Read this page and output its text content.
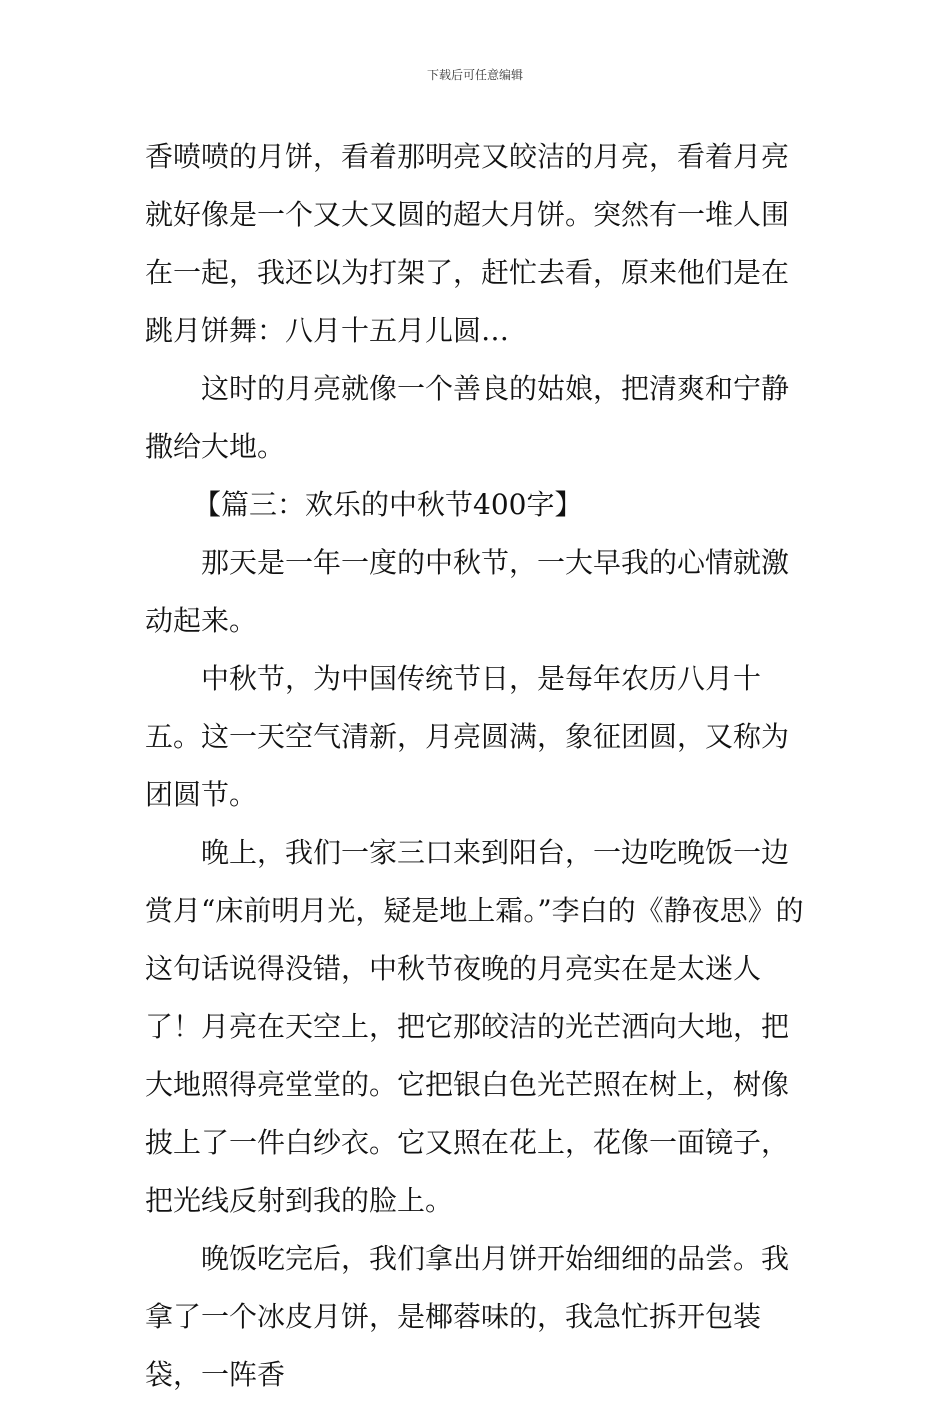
下载后可任意编辑

香喷喷的月饼，看着那明亮又皎洁的月亮，看着月亮就好像是一个又大又圆的超大月饼。突然有一堆人围在一起，我还以为打架了，赶忙去看，原来他们是在跳月饼舞：八月十五月儿圆…

这时的月亮就像一个善良的姑娘，把清爽和宁静撒给大地。

【篇三：欢乐的中秋节400字】

那天是一年一度的中秋节，一大早我的心情就激动起来。

中秋节，为中国传统节日，是每年农历八月十五。这一天空气清新，月亮圆满，象征团圆，又称为团圆节。

晚上，我们一家三口来到阳台，一边吃晚饭一边赏月“床前明月光，疑是地上霜。”李白的《静夜思》的这句话说得没错，中秋节夜晚的月亮实在是太迷人了！月亮在天空上，把它那皎洁的光芒洒向大地，把大地照得亮堂堂的。它把银白色光芒照在树上，树像披上了一件白纱衣。它又照在花上，花像一面镜子，把光线反射到我的脸上。

晚饭吃完后，我们拿出月饼开始细细的品尝。我拿了一个冰皮月饼，是椰蓉味的，我急忙拆开包装袋，一阵香
